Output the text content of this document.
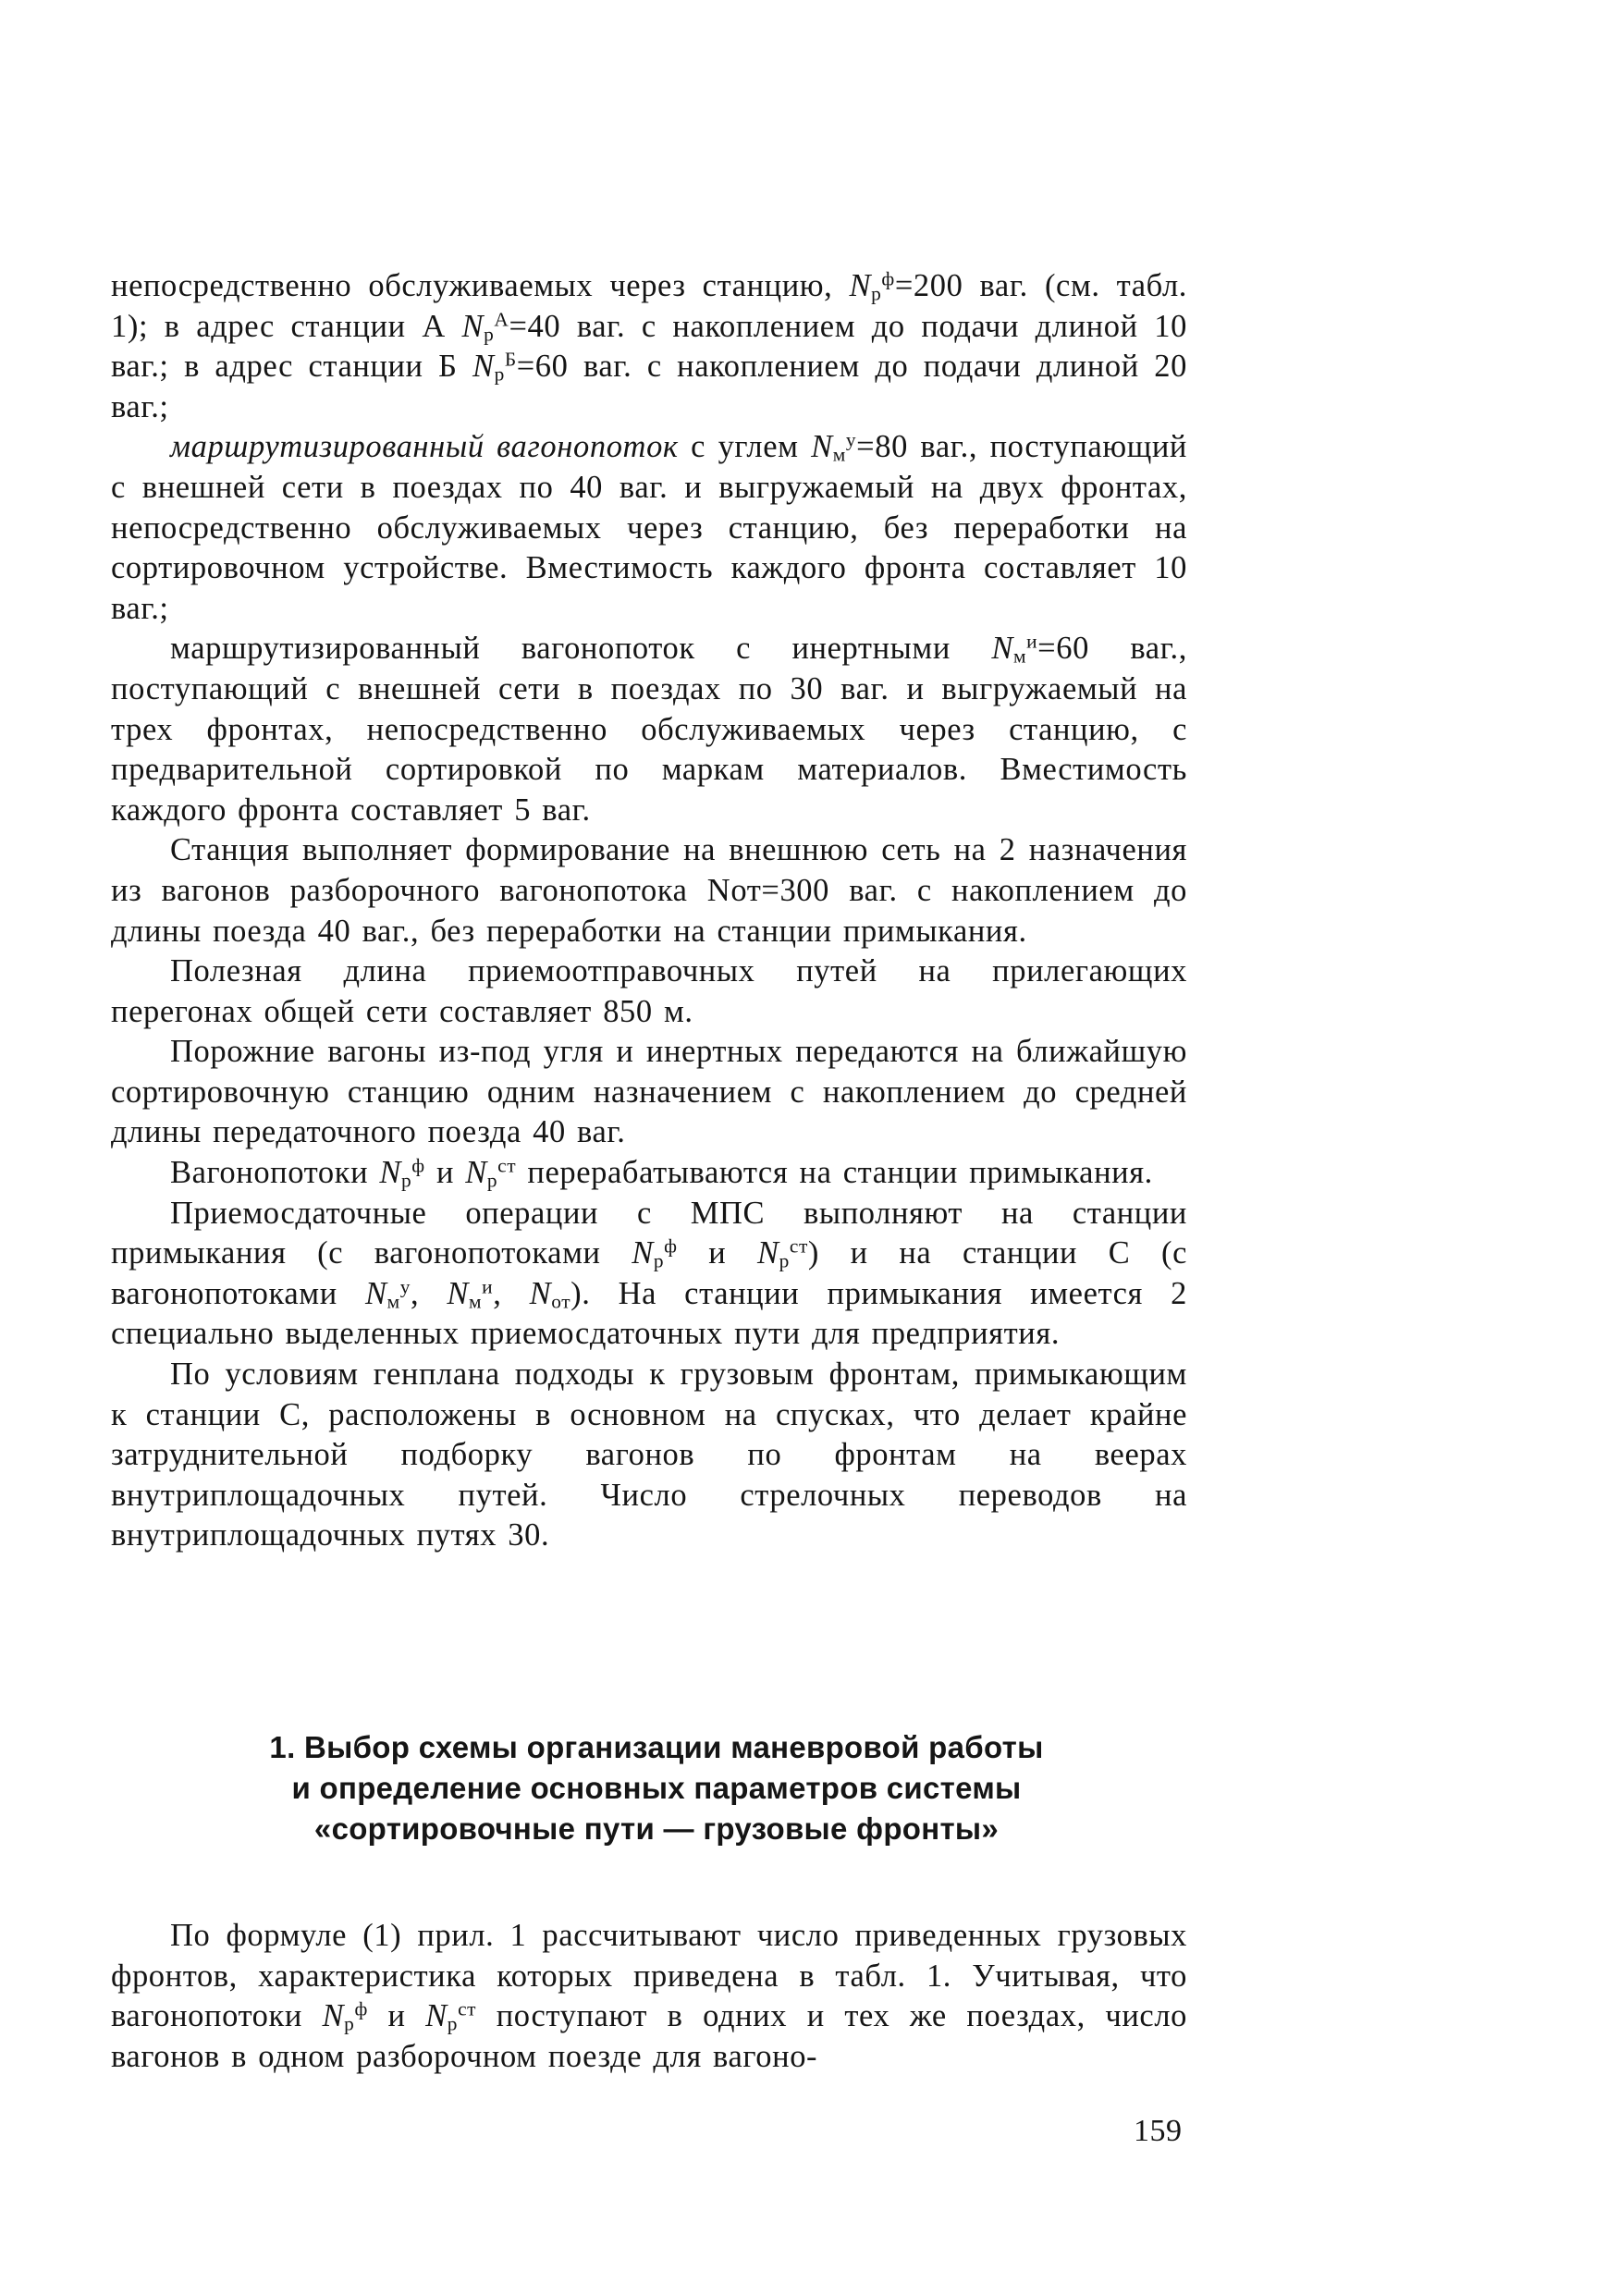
непосредственно обслуживаемых через станцию, $N_р^ф=200$ ваг. (см. табл. 1); в адрес станции А $N_р^А=40$ ваг. с накоплением до подачи длиной 10 ваг.; в адрес станции Б $N_р^Б=60$ ваг. с накоплением до подачи длиной 20 ваг.;

маршрутизированный вагонопоток с углем $N_м^у=80$ ваг., поступающий с внешней сети в поездах по 40 ваг. и выгружаемый на двух фронтах, непосредственно обслуживаемых через станцию, без переработки на сортировочном устройстве. Вместимость каждого фронта составляет 10 ваг.;

маршрутизированный вагонопоток с инертными $N_м^и=60$ ваг., поступающий с внешней сети в поездах по 30 ваг. и выгружаемый на трех фронтах, непосредственно обслуживаемых через станцию, с предварительной сортировкой по маркам материалов. Вместимость каждого фронта составляет 5 ваг.

Станция выполняет формирование на внешнюю сеть на 2 назначения из вагонов разборочного вагонопотока Nот=300 ваг. с накоплением до длины поезда 40 ваг., без переработки на станции примыкания.

Полезная длина приемоотправочных путей на прилегающих перегонах общей сети составляет 850 м.

Порожние вагоны из-под угля и инертных передаются на ближайшую сортировочную станцию одним назначением с накоплением до средней длины передаточного поезда 40 ваг.

Вагонопотоки $N_р^ф$ и $N_р^{ст}$ перерабатываются на станции примыкания.

Приемосдаточные операции с МПС выполняют на станции примыкания (с вагонопотоками $N_р^ф$ и $N_р^{ст}$) и на станции С (с вагонопотоками $N_м^у$, $N_м^и$, $N_{от}$). На станции примыкания имеется 2 специально выделенных приемосдаточных пути для предприятия.

По условиям генплана подходы к грузовым фронтам, примыкающим к станции С, расположены в основном на спусках, что делает крайне затруднительной подборку вагонов по фронтам на веерах внутриплощадочных путей. Число стрелочных переводов на внутриплощадочных путях 30.

1. Выбор схемы организации маневровой работы
и определение основных параметров системы
«сортировочные пути — грузовые фронты»

По формуле (1) прил. 1 рассчитывают число приведенных грузовых фронтов, характеристика которых приведена в табл. 1. Учитывая, что вагонопотоки $N_р^ф$ и $N_р^{ст}$ поступают в одних и тех же поездах, число вагонов в одном разборочном поезде для вагоно-

159
